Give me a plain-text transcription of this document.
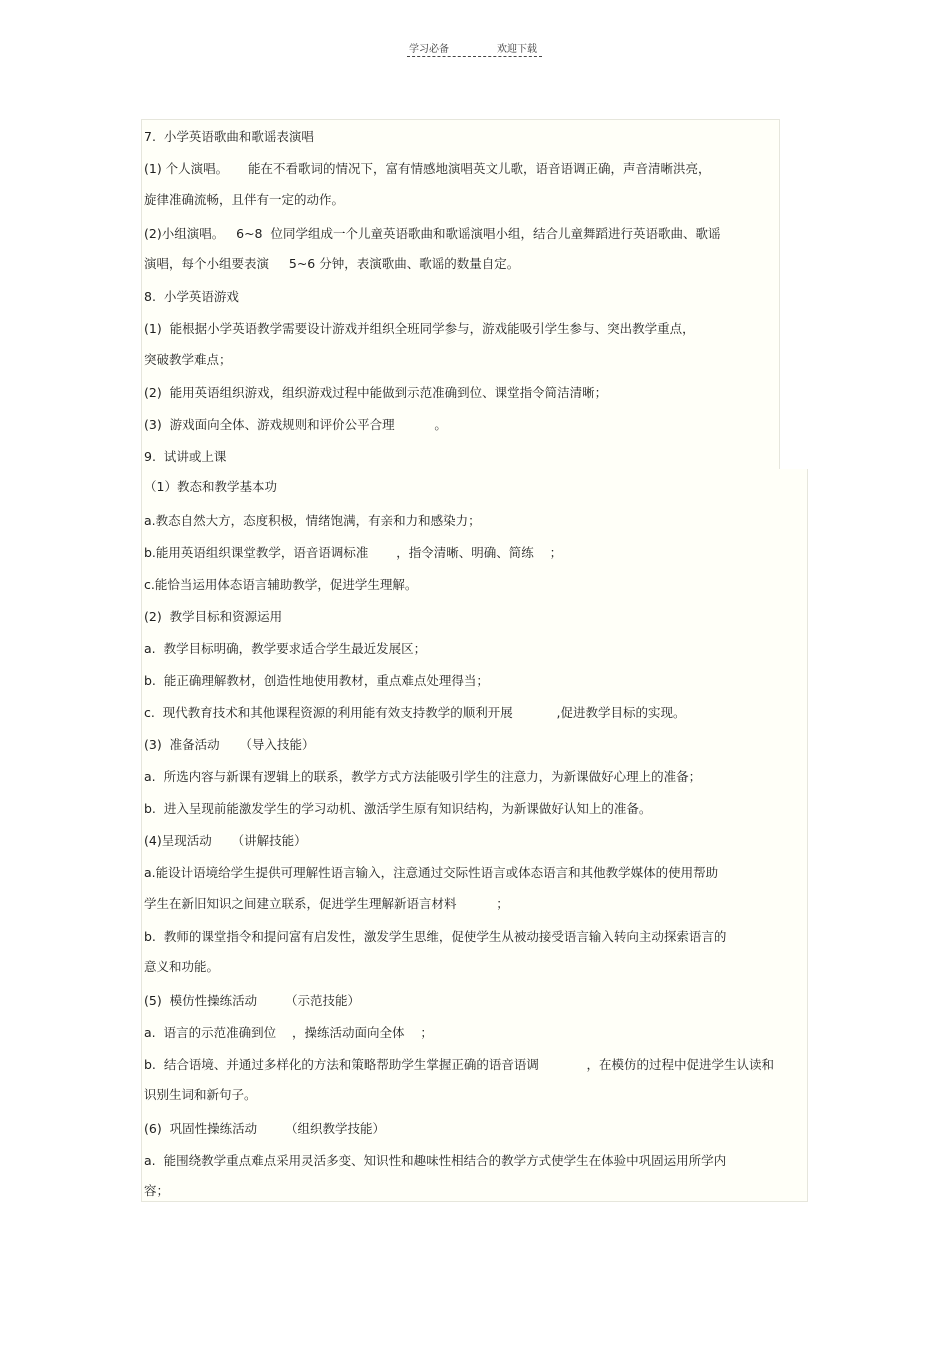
学习必备	欢迎下载
7.  小学英语歌曲和歌谣表演唱
(1) 个人演唱。     能在不看歌词的情况下，富有情感地演唱英文儿歌，语音语调正确，声音清晰洪亮，
旋律准确流畅，且伴有一定的动作。
(2)小组演唱。   6~8  位同学组成一个儿童英语歌曲和歌谣演唱小组，结合儿童舞蹈进行英语歌曲、歌谣
演唱，每个小组要表演     5~6 分钟，表演歌曲、歌谣的数量自定。
8.  小学英语游戏
(1)  能根据小学英语教学需要设计游戏并组织全班同学参与，游戏能吸引学生参与、突出教学重点，
突破教学难点；
(2)  能用英语组织游戏，组织游戏过程中能做到示范准确到位、课堂指令简洁清晰；
(3)  游戏面向全体、游戏规则和评价公平合理          。
9.  试讲或上课
（1）教态和教学基本功
a.教态自然大方，态度积极，情绪饱满，有亲和力和感染力；
b.能用英语组织课堂教学，语音语调标准       ，指令清晰、明确、简练    ；
c.能恰当运用体态语言辅助教学，促进学生理解。
(2)  教学目标和资源运用
a.  教学目标明确，教学要求适合学生最近发展区；
b.  能正确理解教材，创造性地使用教材，重点难点处理得当；
c.  现代教育技术和其他课程资源的利用能有效支持教学的顺利开展           ,促进教学目标的实现。
(3)  准备活动     （导入技能）
a.  所选内容与新课有逻辑上的联系，教学方式方法能吸引学生的注意力，为新课做好心理上的准备；
b.  进入呈现前能激发学生的学习动机、激活学生原有知识结构，为新课做好认知上的准备。
(4)呈现活动     （讲解技能）
a.能设计语境给学生提供可理解性语言输入，注意通过交际性语言或体态语言和其他教学媒体的使用帮助
学生在新旧知识之间建立联系，促进学生理解新语言材料          ；
b.  教师的课堂指令和提问富有启发性，激发学生思维，促使学生从被动接受语言输入转向主动探索语言的
意义和功能。
(5)  模仿性操练活动       （示范技能）
a.  语言的示范准确到位    ，操练活动面向全体    ；
b.  结合语境、并通过多样化的方法和策略帮助学生掌握正确的语音语调            ，在模仿的过程中促进学生认读和
识别生词和新句子。
(6)  巩固性操练活动       （组织教学技能）
a.  能围绕教学重点难点采用灵活多变、知识性和趣味性相结合的教学方式使学生在体验中巩固运用所学内
容；
